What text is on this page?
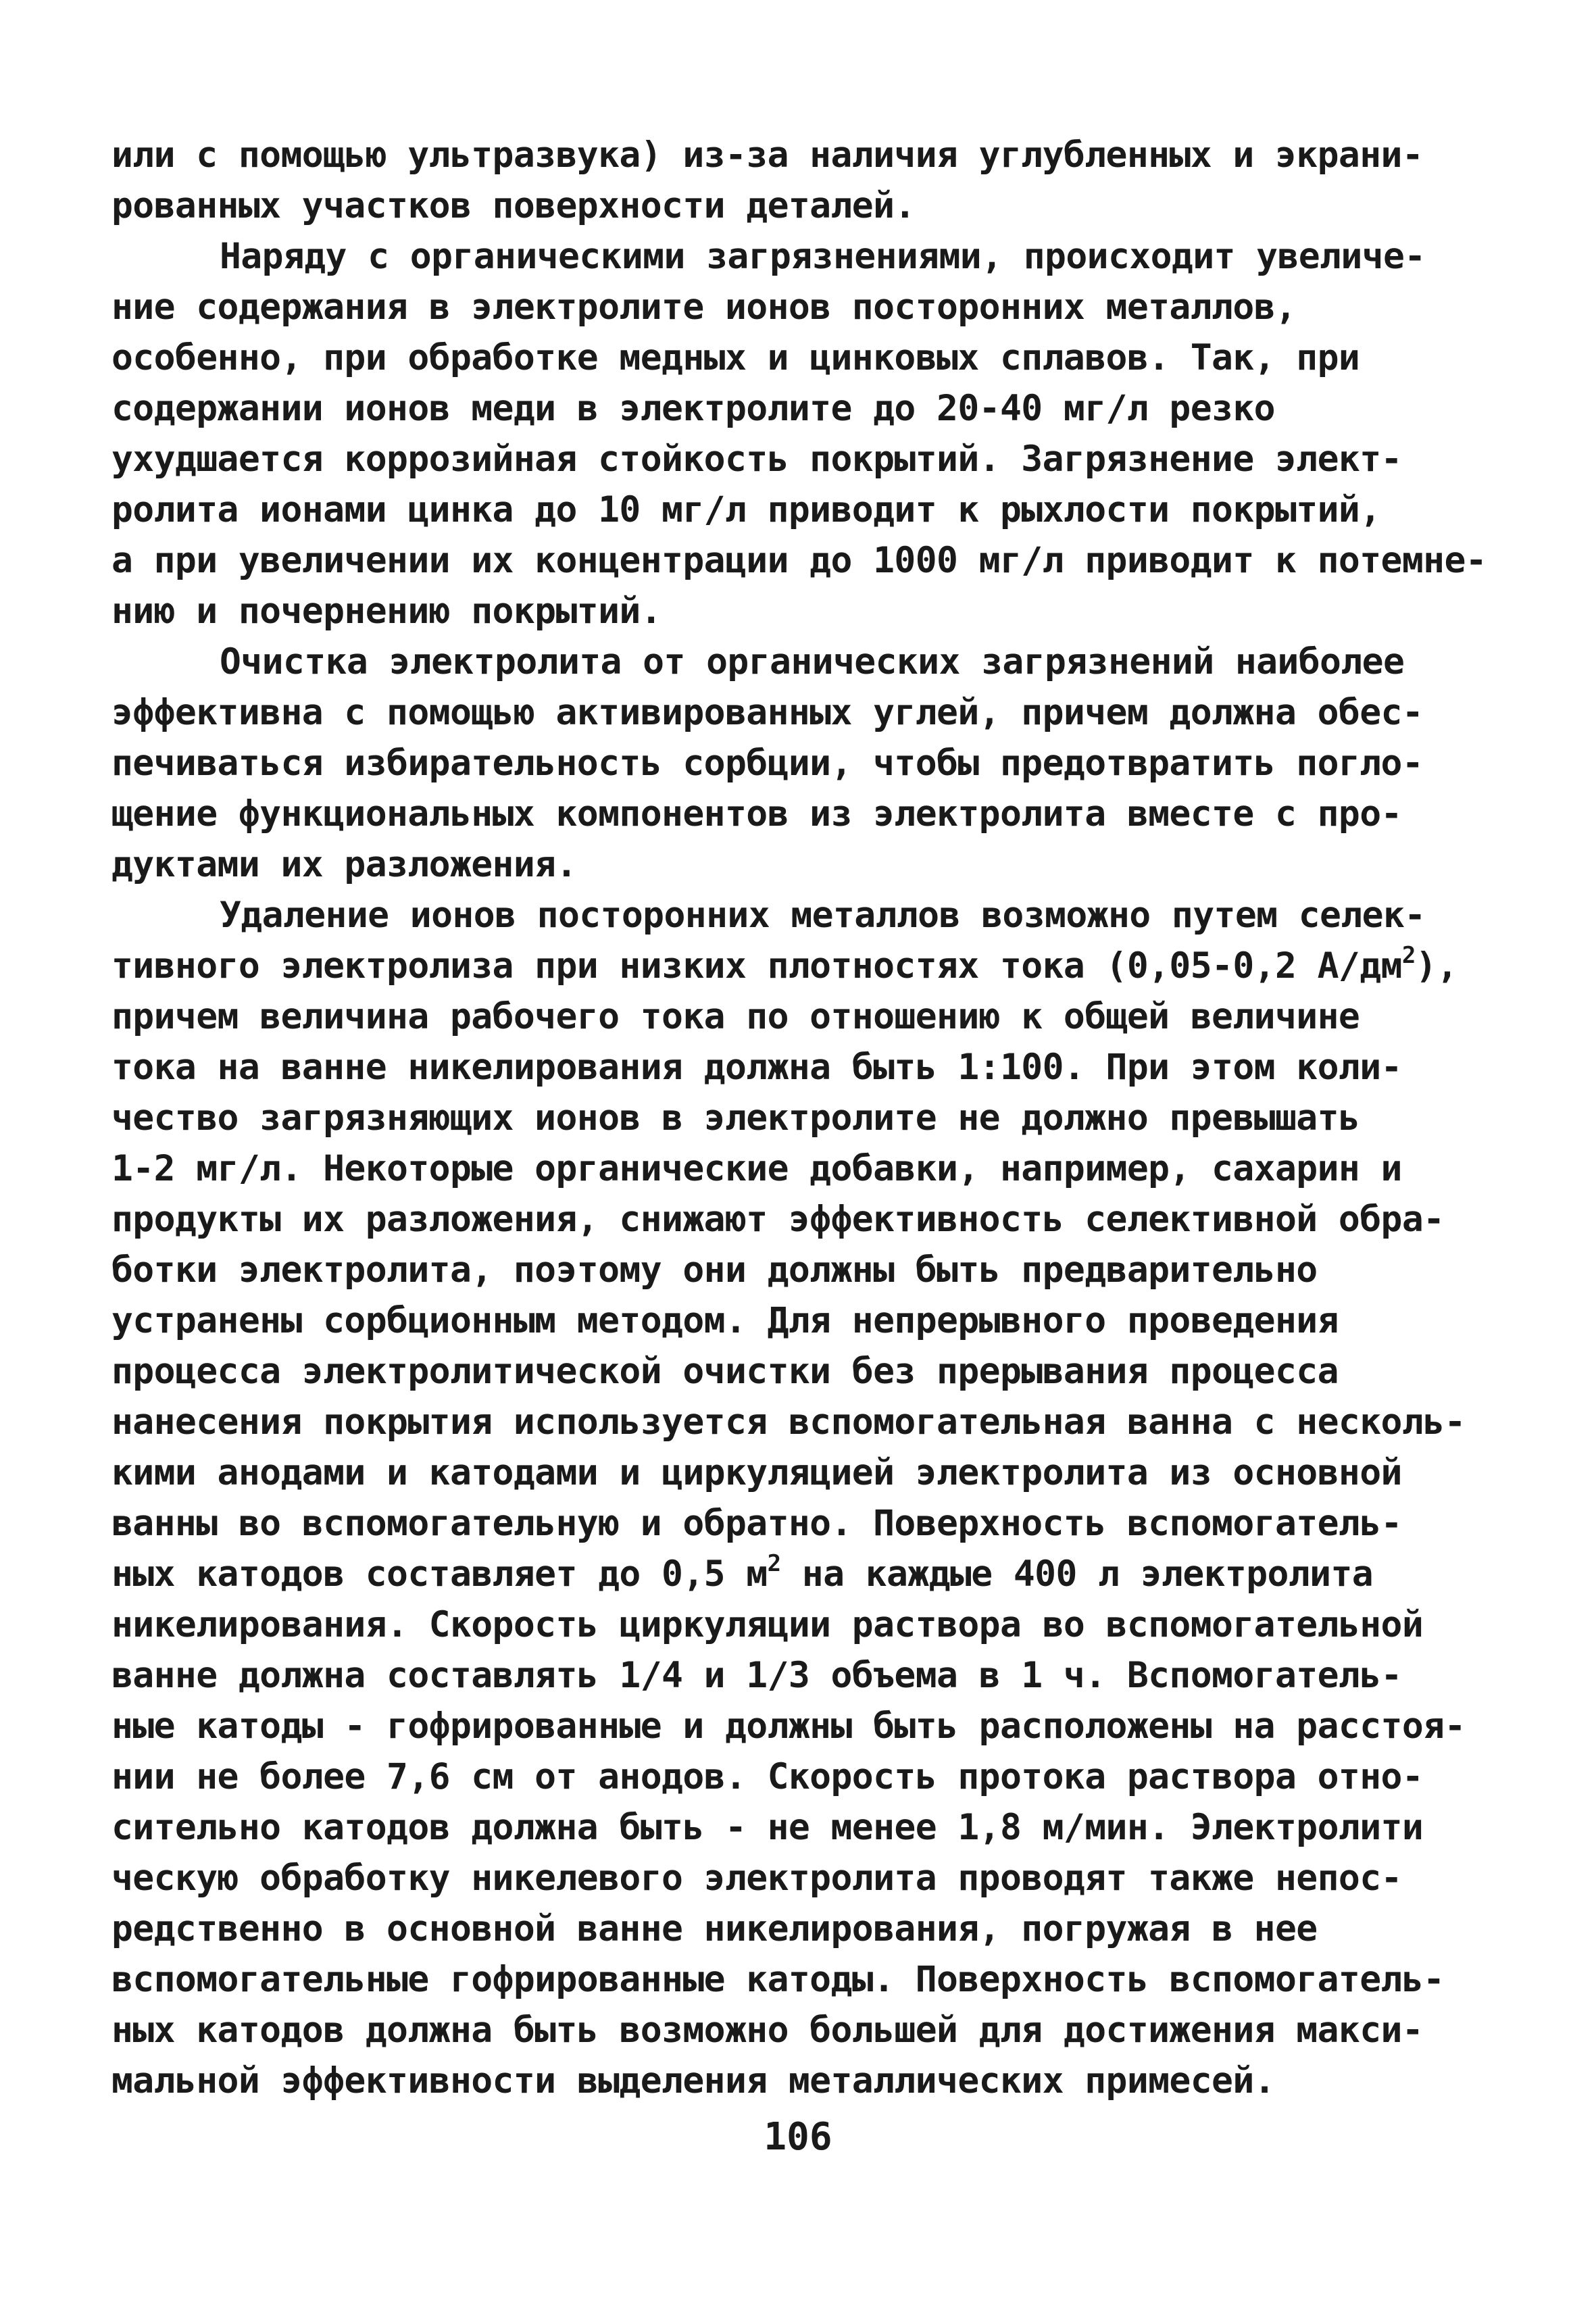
или с помощью ультразвука) из-за наличия углубленных и экрани-
рованных участков поверхности деталей.
Наряду с органическими загрязнениями, происходит увеличе-
ние содержания в электролите ионов посторонних металлов,
особенно, при обработке медных и цинковых сплавов. Так, при
содержании ионов меди в электролите до 20-40 мг/л резко
ухудшается коррозийная стойкость покрытий. Загрязнение элект-
ролита ионами цинка до 10 мг/л приводит к рыхлости покрытий,
а при увеличении их концентрации до 1000 мг/л приводит к потемне-
нию и почернению покрытий.
Очистка электролита от органических загрязнений наиболее
эффективна с помощью активированных углей, причем должна обес-
печиваться избирательность сорбции, чтобы предотвратить погло-
щение функциональных компонентов из электролита вместе с про-
дуктами их разложения.
Удаление ионов посторонних металлов возможно путем селек-
тивного электролиза при низких плотностях тока (0,05-0,2 $А/дм^2$),
причем величина рабочего тока по отношению к общей величине
тока на ванне никелирования должна быть 1:100. При этом коли-
чество загрязняющих ионов в электролите не должно превышать
1-2 мг/л. Некоторые органические добавки, например, сахарин и
продукты их разложения, снижают эффективность селективной обра-
ботки электролита, поэтому они должны быть предварительно
устранены сорбционным методом. Для непрерывного проведения
процесса электролитической очистки без прерывания процесса
нанесения покрытия используется вспомогательная ванна с несколь-
кими анодами и катодами и циркуляцией электролита из основной
ванны во вспомогательную и обратно. Поверхность вспомогатель-
ных катодов составляет до 0,5 $м^2$ на каждые 400 л электролита
никелирования. Скорость циркуляции раствора во вспомогательной
ванне должна составлять 1/4 и 1/3 объема в 1 ч. Вспомогатель-
ные катоды - гофрированные и должны быть расположены на расстоя-
нии не более 7,6 см от анодов. Скорость протока раствора отно-
сительно катодов должна быть - не менее 1,8 м/мин. Электролити
ческую обработку никелевого электролита проводят также непос-
редственно в основной ванне никелирования, погружая в нее
вспомогательные гофрированные катоды. Поверхность вспомогатель-
ных катодов должна быть возможно большей для достижения макси-
мальной эффективности выделения металлических примесей.
106
